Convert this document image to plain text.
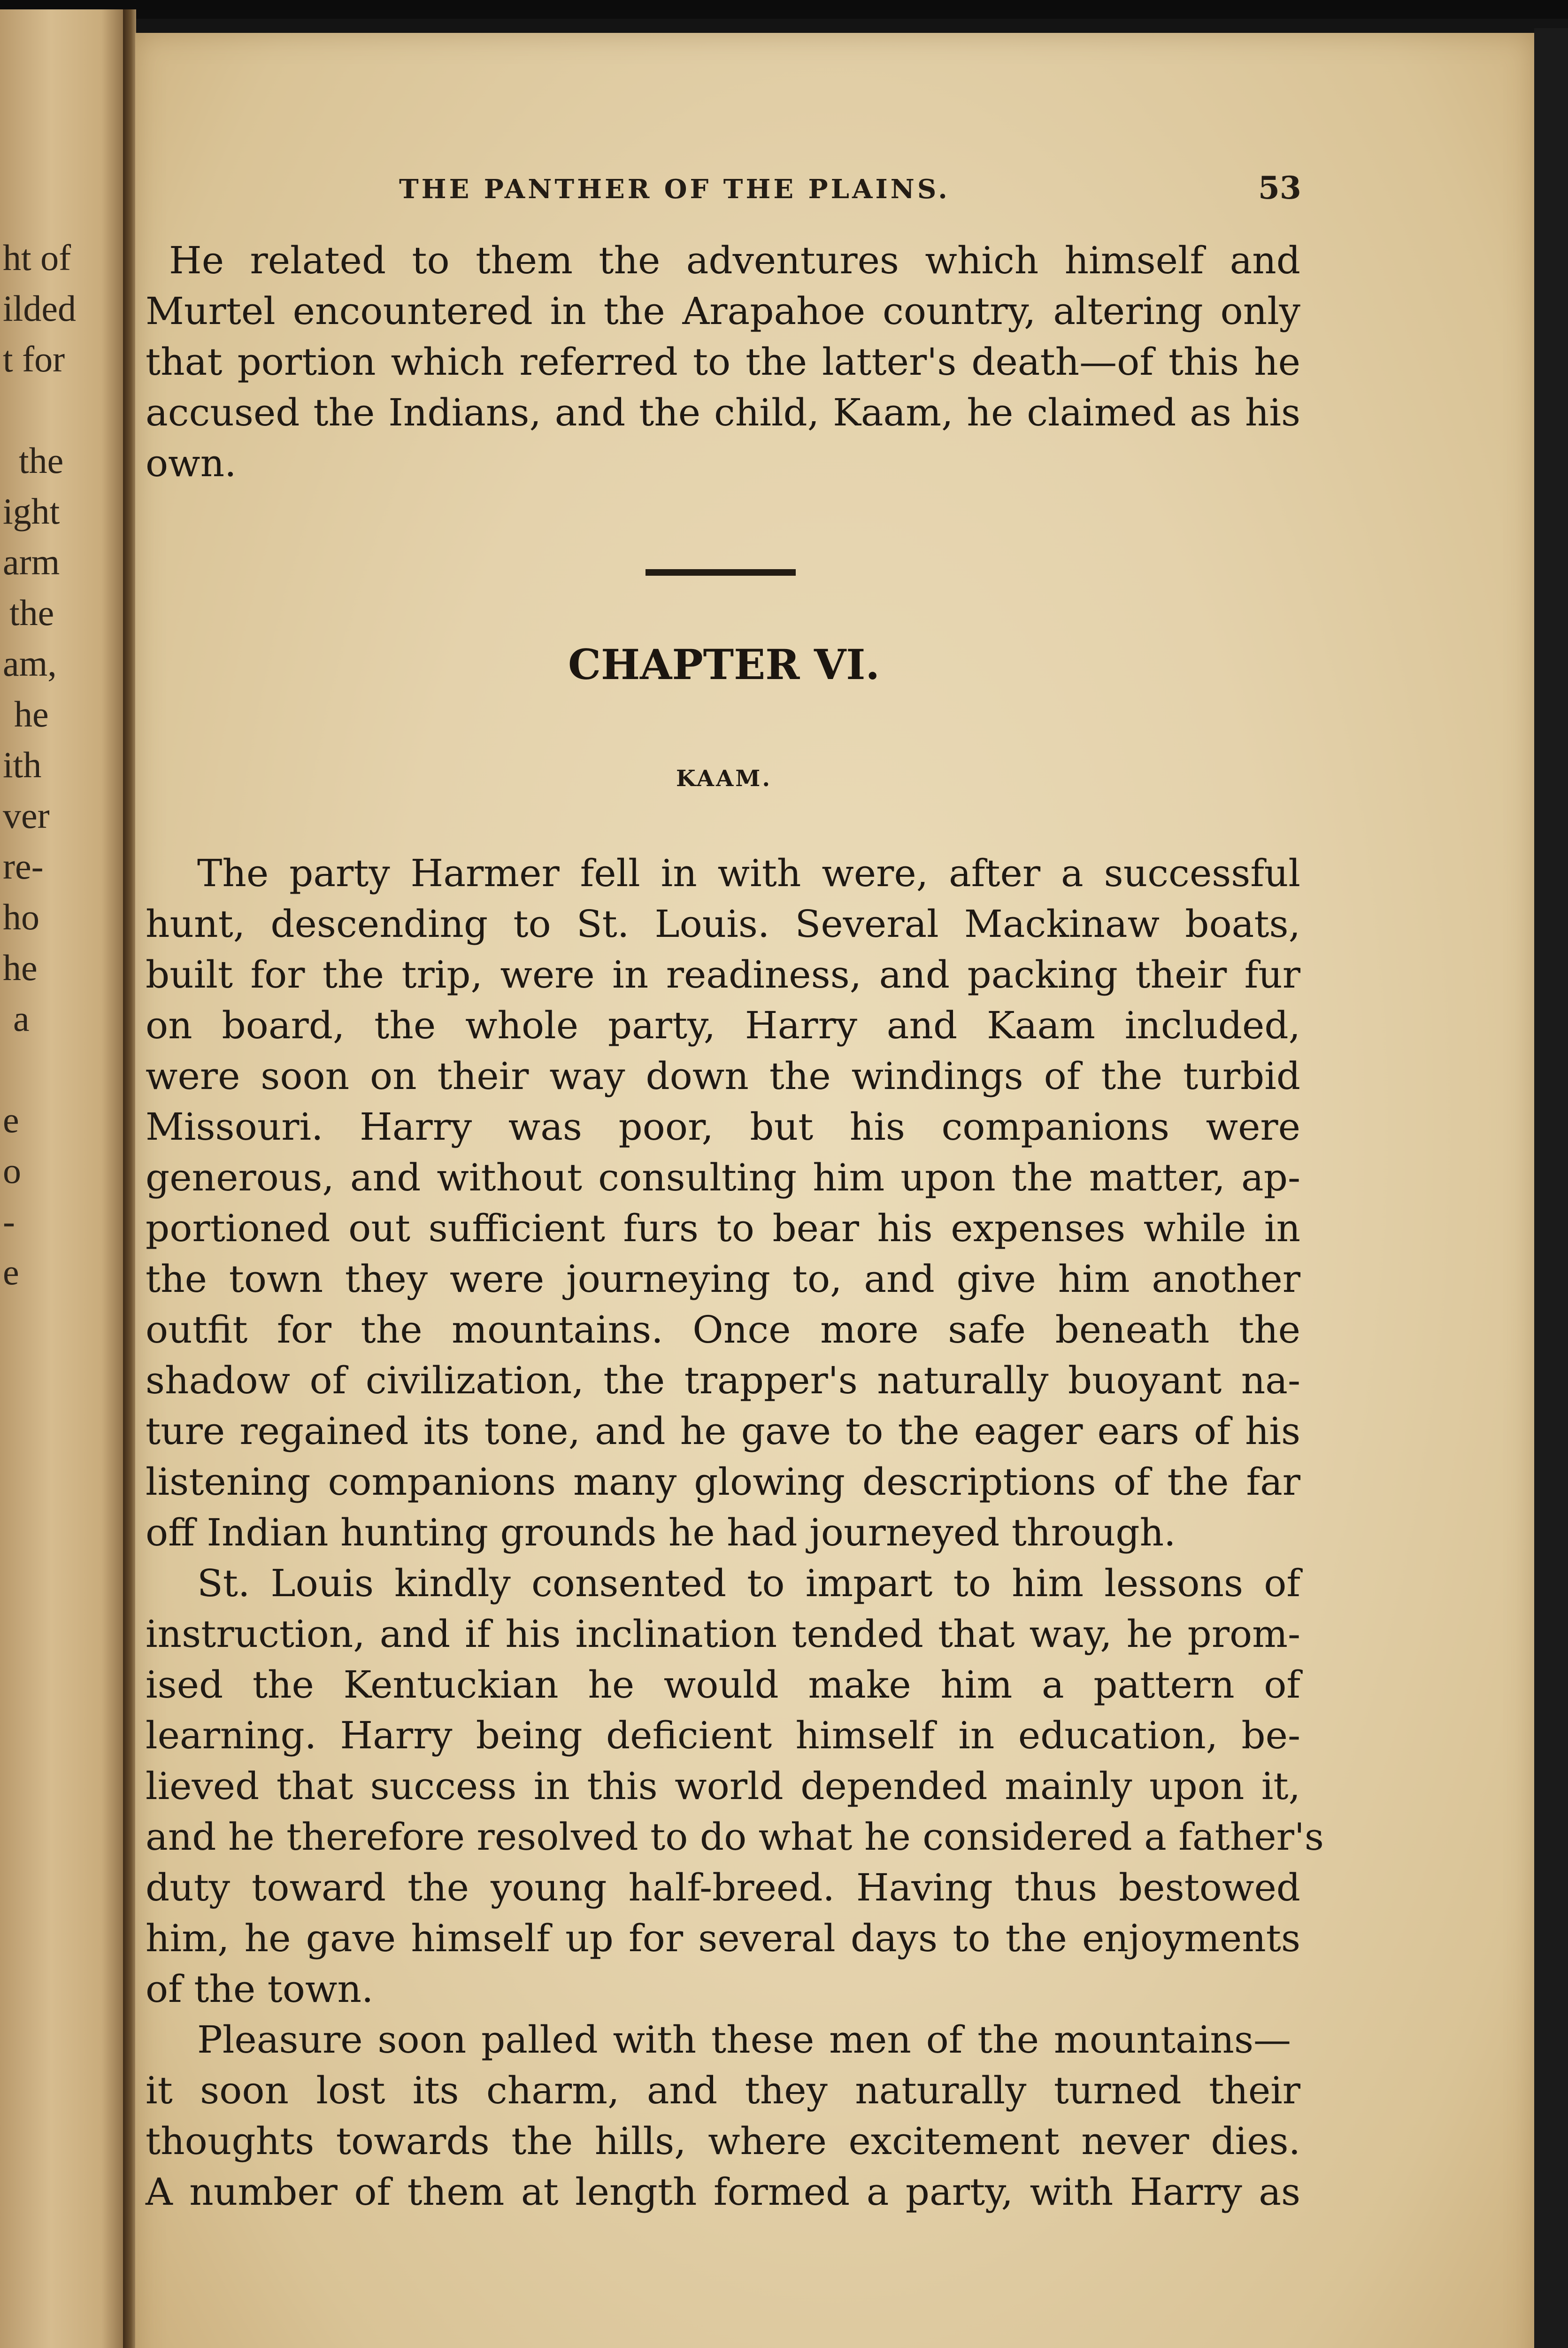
ht of
ilded
t for
the
ight
arm
the
am,
he
ith
ver
re-
ho
he
a
e
o
-
e
THE PANTHER OF THE PLAINS.	53
He related to them the adventures which himself and
Murtel encountered in the Arapahoe country, altering only
that portion which referred to the latter's death—of this he
accused the Indians, and the child, Kaam, he claimed as his
own.
CHAPTER VI.
KAAM.
The party Harmer fell in with were, after a successful
hunt, descending to St. Louis. Several Mackinaw boats,
built for the trip, were in readiness, and packing their fur
on board, the whole party, Harry and Kaam included,
were soon on their way down the windings of the turbid
Missouri. Harry was poor, but his companions were
generous, and without consulting him upon the matter, ap-
portioned out sufficient furs to bear his expenses while in
the town they were journeying to, and give him another
outfit for the mountains. Once more safe beneath the
shadow of civilization, the trapper's naturally buoyant na-
ture regained its tone, and he gave to the eager ears of his
listening companions many glowing descriptions of the far
off Indian hunting grounds he had journeyed through.
St. Louis kindly consented to impart to him lessons of
instruction, and if his inclination tended that way, he prom-
ised the Kentuckian he would make him a pattern of
learning. Harry being deficient himself in education, be-
lieved that success in this world depended mainly upon it,
and he therefore resolved to do what he considered a father's
duty toward the young half-breed. Having thus bestowed
him, he gave himself up for several days to the enjoyments
of the town.
Pleasure soon palled with these men of the mountains—
it soon lost its charm, and they naturally turned their
thoughts towards the hills, where excitement never dies.
A number of them at length formed a party, with Harry as
